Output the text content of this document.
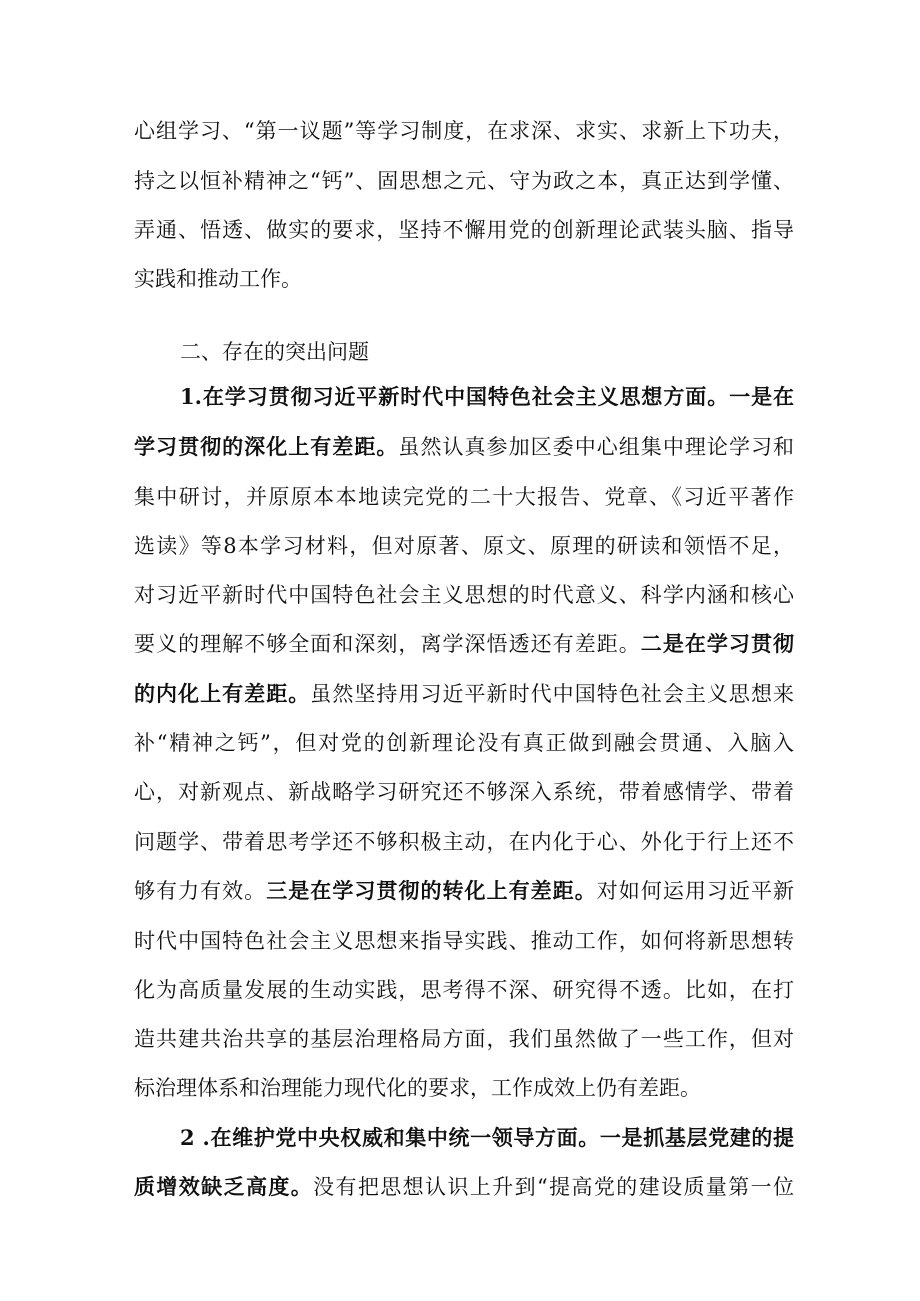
心组学习、“第一议题”等学习制度，在求深、求实、求新上下功夫，
持之以恒补精神之“钙”、固思想之元、守为政之本，真正达到学懂、
弄通、悟透、做实的要求，坚持不懈用党的创新理论武装头脑、指导
实践和推动工作。
二、存在的突出问题
1.在学习贯彻习近平新时代中国特色社会主义思想方面。一是在
学习贯彻的深化上有差距。虽然认真参加区委中心组集中理论学习和
集中研讨，并原原本本地读完党的二十大报告、党章、《习近平著作
选读》等8本学习材料，但对原著、原文、原理的研读和领悟不足，
对习近平新时代中国特色社会主义思想的时代意义、科学内涵和核心
要义的理解不够全面和深刻，离学深悟透还有差距。二是在学习贯彻
的内化上有差距。虽然坚持用习近平新时代中国特色社会主义思想来
补“精神之钙”，但对党的创新理论没有真正做到融会贯通、入脑入
心，对新观点、新战略学习研究还不够深入系统，带着感情学、带着
问题学、带着思考学还不够积极主动，在内化于心、外化于行上还不
够有力有效。三是在学习贯彻的转化上有差距。对如何运用习近平新
时代中国特色社会主义思想来指导实践、推动工作，如何将新思想转
化为高质量发展的生动实践，思考得不深、研究得不透。比如，在打
造共建共治共享的基层治理格局方面，我们虽然做了一些工作，但对
标治理体系和治理能力现代化的要求，工作成效上仍有差距。
2 .在维护党中央权威和集中统一领导方面。一是抓基层党建的提
质增效缺乏高度。没有把思想认识上升到“提高党的建设质量第一位
